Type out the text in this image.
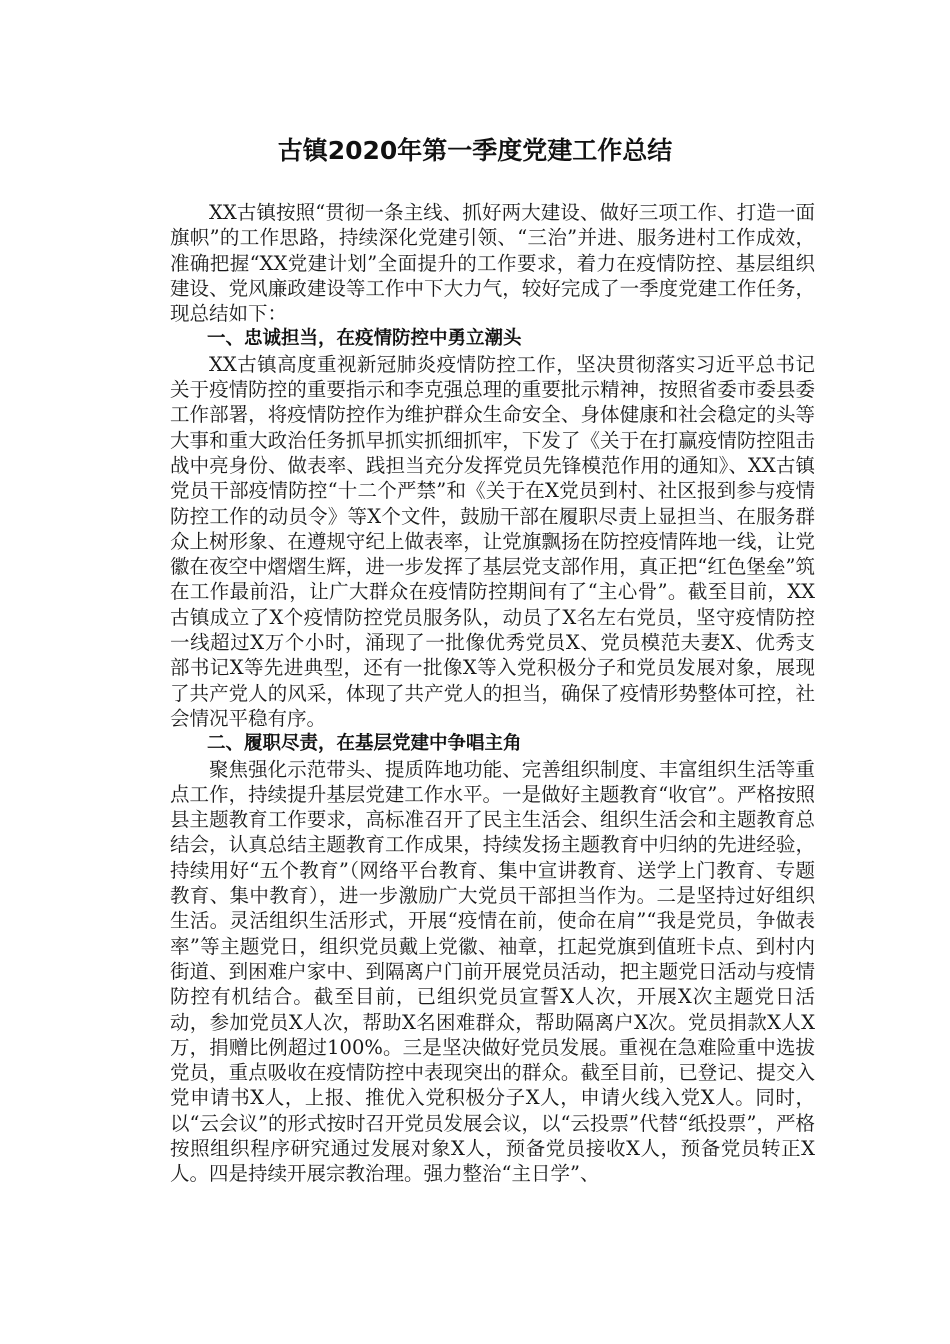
古镇2020年第一季度党建工作总结

XX古镇按照“贯彻一条主线、抓好两大建设、做好三项工作、打造一面旗帜”的工作思路，持续深化党建引领、“三治”并进、服务进村工作成效，准确把握“XX党建计划”全面提升的工作要求，着力在疫情防控、基层组织建设、党风廉政建设等工作中下大力气，较好完成了一季度党建工作任务，现总结如下：

一、忠诚担当，在疫情防控中勇立潮头

XX古镇高度重视新冠肺炎疫情防控工作，坚决贯彻落实习近平总书记关于疫情防控的重要指示和李克强总理的重要批示精神，按照省委市委县委工作部署，将疫情防控作为维护群众生命安全、身体健康和社会稳定的头等大事和重大政治任务抓早抓实抓细抓牢，下发了《关于在打赢疫情防控阻击战中亮身份、做表率、践担当充分发挥党员先锋模范作用的通知》、XX古镇党员干部疫情防控“十二个严禁”和《关于在X党员到村、社区报到参与疫情防控工作的动员令》等X个文件，鼓励干部在履职尽责上显担当、在服务群众上树形象、在遵规守纪上做表率，让党旗飘扬在防控疫情阵地一线，让党徽在夜空中熠熠生辉，进一步发挥了基层党支部作用，真正把“红色堡垒”筑在工作最前沿，让广大群众在疫情防控期间有了“主心骨”。截至目前，XX古镇成立了X个疫情防控党员服务队，动员了X名左右党员，坚守疫情防控一线超过X万个小时，涌现了一批像优秀党员X、党员模范夫妻X、优秀支部书记X等先进典型，还有一批像X等入党积极分子和党员发展对象，展现了共产党人的风采，体现了共产党人的担当，确保了疫情形势整体可控，社会情况平稳有序。

二、履职尽责，在基层党建中争唱主角

聚焦强化示范带头、提质阵地功能、完善组织制度、丰富组织生活等重点工作，持续提升基层党建工作水平。一是做好主题教育“收官”。严格按照县主题教育工作要求，高标准召开了民主生活会、组织生活会和主题教育总结会，认真总结主题教育工作成果，持续发扬主题教育中归纳的先进经验，持续用好“五个教育”（网络平台教育、集中宣讲教育、送学上门教育、专题教育、集中教育），进一步激励广大党员干部担当作为。二是坚持过好组织生活。灵活组织生活形式，开展“疫情在前，使命在肩”“我是党员，争做表率”等主题党日，组织党员戴上党徽、袖章，扛起党旗到值班卡点、到村内街道、到困难户家中、到隔离户门前开展党员活动，把主题党日活动与疫情防控有机结合。截至目前，已组织党员宣誓X人次，开展X次主题党日活动，参加党员X人次，帮助X名困难群众，帮助隔离户X次。党员捐款X人X万，捐赠比例超过100%。三是坚决做好党员发展。重视在急难险重中选拔党员，重点吸收在疫情防控中表现突出的群众。截至目前，已登记、提交入党申请书X人，上报、推优入党积极分子X人，申请火线入党X人。同时，以“云会议”的形式按时召开党员发展会议，以“云投票”代替“纸投票”，严格按照组织程序研究通过发展对象X人，预备党员接收X人，预备党员转正X人。四是持续开展宗教治理。强力整治“主日学”、
